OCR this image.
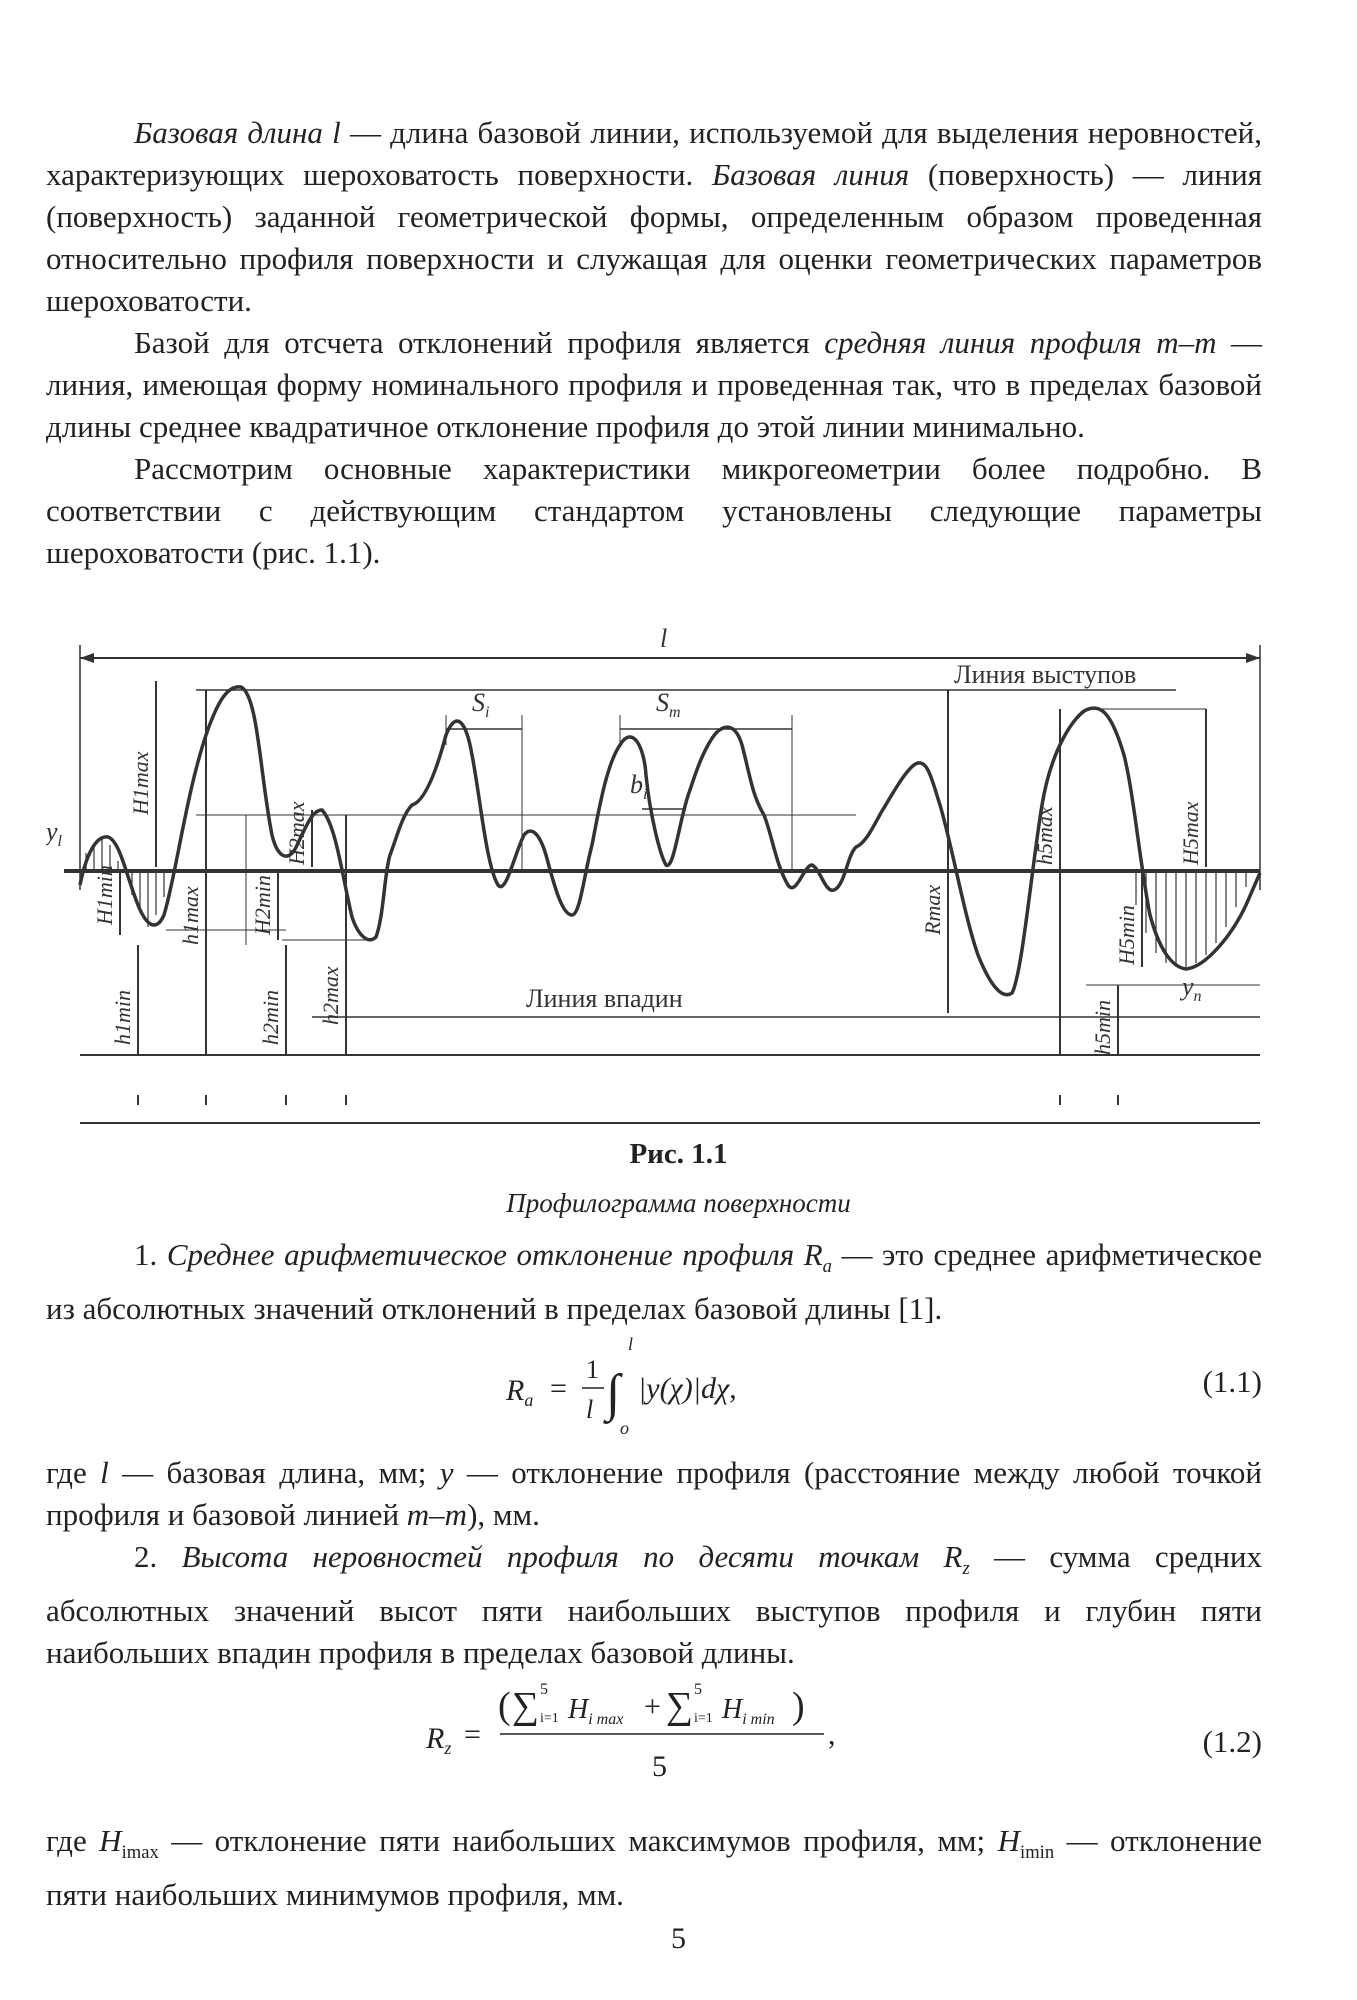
Базовая длина l — длина базовой линии, используемой для выделения неровностей, характеризующих шероховатость поверхности. Базовая линия (поверхность) — линия (поверхность) заданной геометрической формы, определенным образом проведенная относительно профиля поверхности и служащая для оценки геометрических параметров шероховатости.

Базой для отсчета отклонений профиля является средняя линия профиля m–m — линия, имеющая форму номинального профиля и проведенная так, что в пределах базовой длины среднее квадратичное отклонение профиля до этой линии минимально.

Рассмотрим основные характеристики микрогеометрии более подробно. В соответствии с действующим стандартом установлены следующие параметры шероховатости (рис. 1.1).

l
Линия выступов
Линия впадин
$y_l$
$y_n$
$S_i$	$S_m$
$b_i$
H1max
H1min
h1min
h1max
H2max
H2min
h2min h2max
Rmax
h5max	H5max
H5min
h5min
Рис. 1.1
Профилограмма поверхности

1. Среднее арифметическое отклонение профиля $R_a$ — это среднее арифметическое из абсолютных значений отклонений в пределах базовой длины [1].

$R_a$ =
1
l ∫
l
o
|y(χ)|dχ,	(1.1)

где l — базовая длина, мм; y — отклонение профиля (расстояние между любой точкой профиля и базовой линией m–m), мм.

2. Высота неровностей профиля по десяти точкам $R_z$ — сумма средних абсолютных значений высот пяти наибольших выступов профиля и глубин пяти наибольших впадин профиля в пределах базовой длины.

$R_z$ =
( ∑ 5
i=1 $H_{i max}$ + ∑ 5
i=1 $H_{i min}$ )
5
,	(1.2)

где $H_{imax}$ — отклонение пяти наибольших максимумов профиля, мм; $H_{imin}$ — отклонение пяти наибольших минимумов профиля, мм.

5
